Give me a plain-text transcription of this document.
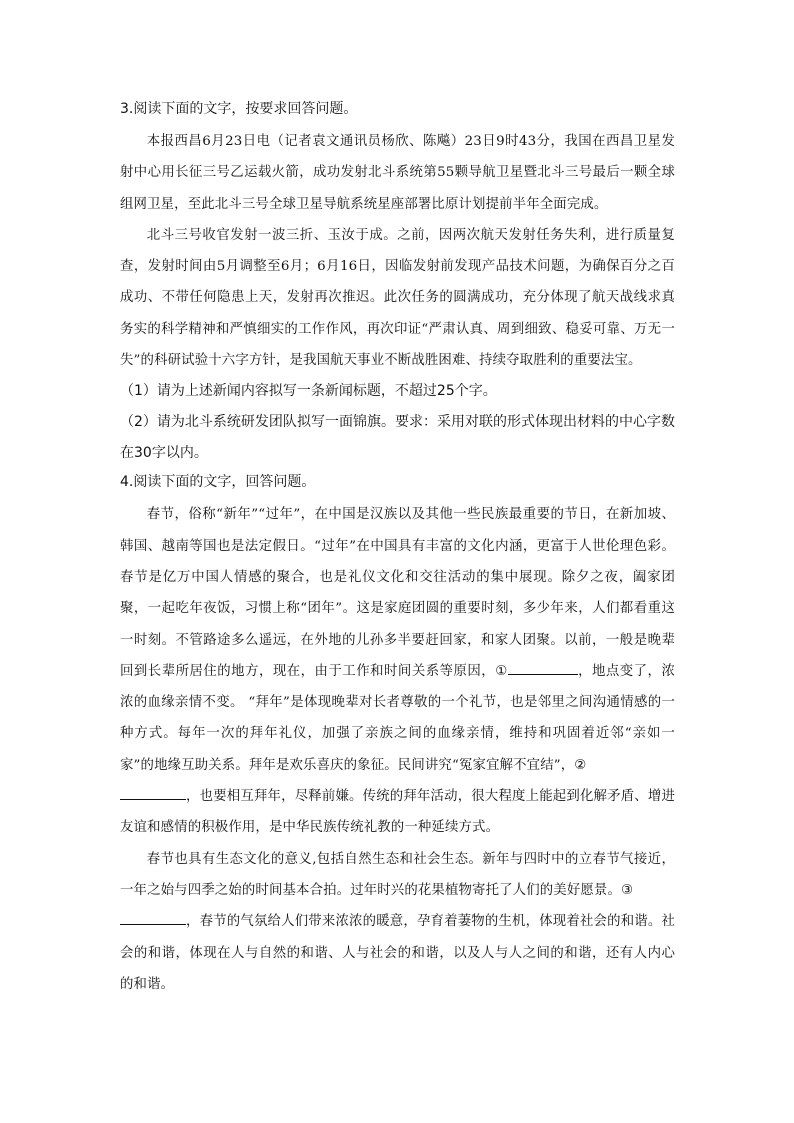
3.阅读下面的文字，按要求回答问题。

本报西昌6月23日电（记者袁文通讯员杨欣、陈飚）23日9时43分，我国在西昌卫星发射中心用长征三号乙运载火箭，成功发射北斗系统第55颗导航卫星暨北斗三号最后一颗全球组网卫星，至此北斗三号全球卫星导航系统星座部署比原计划提前半年全面完成。

北斗三号收官发射一波三折、玉汝于成。之前，因两次航天发射任务失利，进行质量复查，发射时间由5月调整至6月；6月16日，因临发射前发现产品技术问题，为确保百分之百成功、不带任何隐患上天，发射再次推迟。此次任务的圆满成功，充分体现了航天战线求真务实的科学精神和严慎细实的工作作风，再次印证“严肃认真、周到细致、稳妥可靠、万无一失”的科研试验十六字方针，是我国航天事业不断战胜困难、持续夺取胜利的重要法宝。

（1）请为上述新闻内容拟写一条新闻标题，不超过25个字。

（2）请为北斗系统研发团队拟写一面锦旗。要求：采用对联的形式体现出材料的中心字数在30字以内。

4.阅读下面的文字，回答问题。

春节，俗称“新年”“过年”，在中国是汉族以及其他一些民族最重要的节日，在新加坡、韩国、越南等国也是法定假日。“过年”在中国具有丰富的文化内涵，更富于人世伦理色彩。春节是亿万中国人情感的聚合，也是礼仪文化和交往活动的集中展现。除夕之夜，阖家团聚，一起吃年夜饭，习惯上称“团年”。这是家庭团圆的重要时刻，多少年来，人们都看重这一时刻。不管路途多么遥远，在外地的儿孙多半要赶回家，和家人团聚。以前，一般是晚辈回到长辈所居住的地方，现在，由于工作和时间关系等原因，①	，地点变了，浓浓的血缘亲情不变。 “拜年”是体现晚辈对长者尊敬的一个礼节，也是邻里之间沟通情感的一种方式。每年一次的拜年礼仪，加强了亲族之间的血缘亲情，维持和巩固着近邻“亲如一家”的地缘互助关系。拜年是欢乐喜庆的象征。民间讲究“冤家宜解不宜结”，②
，也要相互拜年，尽释前嫌。传统的拜年活动，很大程度上能起到化解矛盾、增进友谊和感情的积极作用，是中华民族传统礼教的一种延续方式。

春节也具有生态文化的意义,包括自然生态和社会生态。新年与四时中的立春节气接近，一年之始与四季之始的时间基本合拍。过年时兴的花果植物寄托了人们的美好愿景。③
，春节的气氛给人们带来浓浓的暖意，孕育着萋物的生机，体现着社会的和谐。社会的和谐，体现在人与自然的和谐、人与社会的和谐，以及人与人之间的和谐，还有人内心的和谐。
